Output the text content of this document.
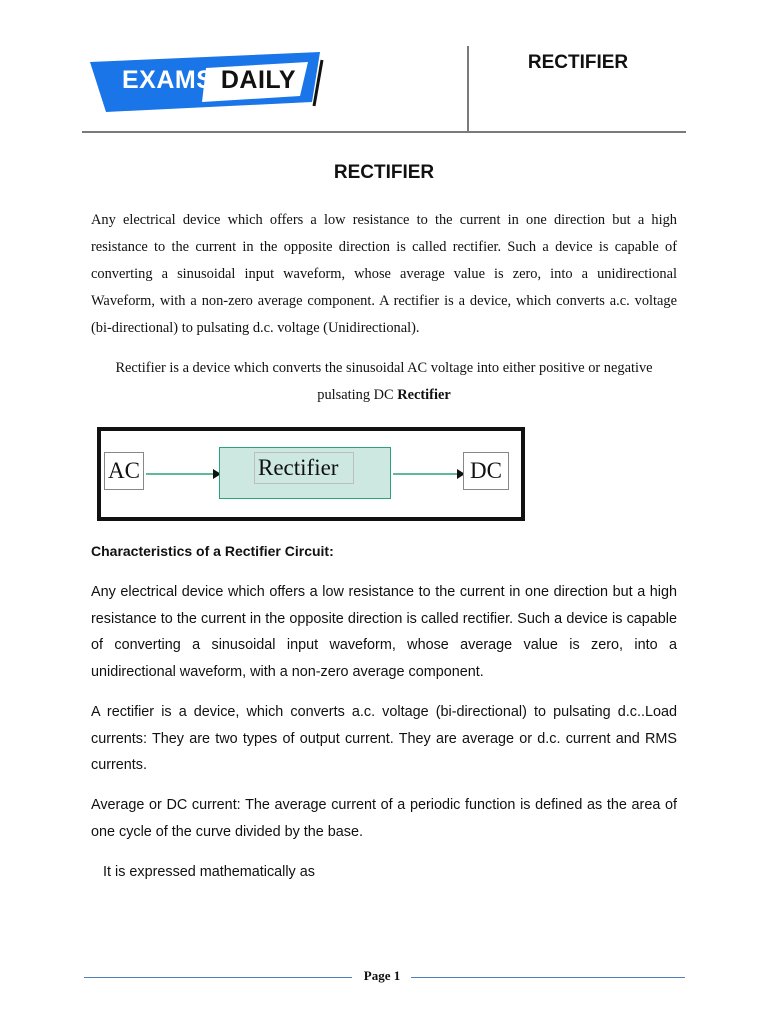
EXAMS DAILY
RECTIFIER
RECTIFIER
Any electrical device which offers a low resistance to the current in one direction but a high resistance to the current in the opposite direction is called rectifier. Such a device is capable of converting a sinusoidal input waveform, whose average value is zero, into a unidirectional Waveform, with a non-zero average component. A rectifier is a device, which converts a.c. voltage (bi-directional) to pulsating d.c. voltage (Unidirectional).
Rectifier is a device which converts the sinusoidal AC voltage into either positive or negative pulsating DC Rectifier
AC	Rectifier	DC
Characteristics of a Rectifier Circuit:
Any electrical device which offers a low resistance to the current in one direction but a high resistance to the current in the opposite direction is called rectifier. Such a device is capable of converting a sinusoidal input waveform, whose average value is zero, into a unidirectional waveform, with a non-zero average component.
A rectifier is a device, which converts a.c. voltage (bi-directional) to pulsating d.c..Load currents: They are two types of output current. They are average or d.c. current and RMS currents.
Average or DC current: The average current of a periodic function is defined as the area of one cycle of the curve divided by the base.
It is expressed mathematically as
Page 1
